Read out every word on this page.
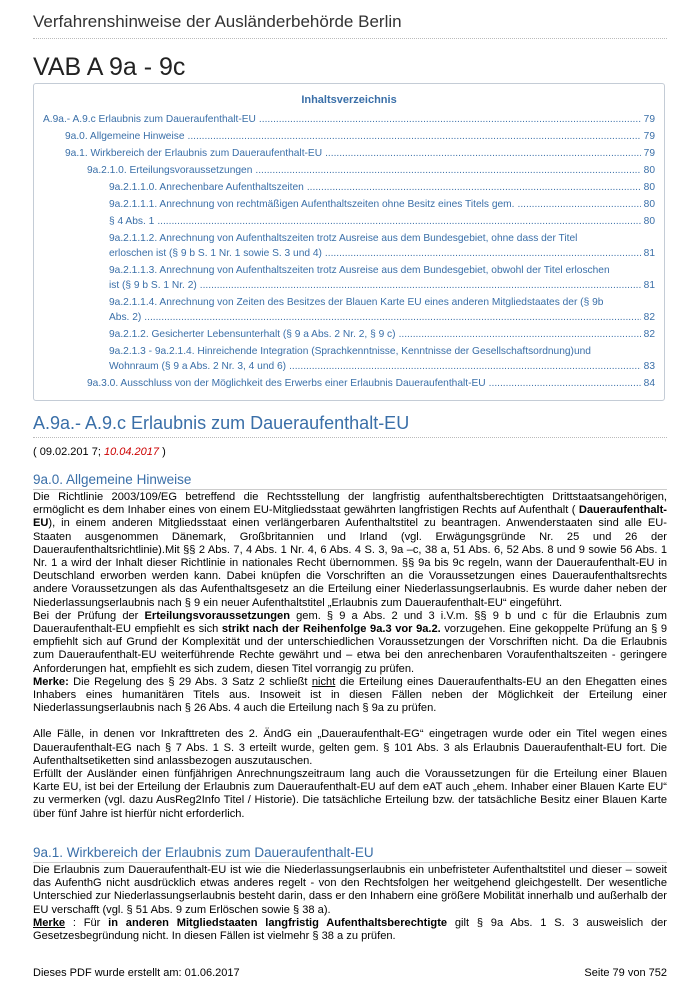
Verfahrenshinweise der Ausländerbehörde Berlin
VAB A 9a - 9c
Inhaltsverzeichnis
A.9a.- A.9.c Erlaubnis zum Daueraufenthalt-EU .....	79
9a.0. Allgemeine Hinweise .....	79
9a.1. Wirkbereich der Erlaubnis zum Daueraufenthalt-EU .....	79
9a.2.1.0. Erteilungsvoraussetzungen .....	80
9a.2.1.1.0. Anrechenbare Aufenthaltszeiten .....	80
9a.2.1.1.1. Anrechnung von rechtmäßigen Aufenthaltszeiten ohne Besitz eines Titels gem. .....	80
§ 4 Abs. 1 .....	80
9a.2.1.1.2. Anrechnung von Aufenthaltszeiten trotz Ausreise aus dem Bundesgebiet, ohne dass der Titel
erloschen ist (§ 9 b S. 1 Nr. 1 sowie S. 3 und 4) .....	81
9a.2.1.1.3. Anrechnung von Aufenthaltszeiten trotz Ausreise aus dem Bundesgebiet, obwohl der Titel erloschen
ist (§ 9 b S. 1 Nr. 2) .....	81
9a.2.1.1.4. Anrechnung von Zeiten des Besitzes der Blauen Karte EU eines anderen Mitgliedstaates der (§ 9b
Abs. 2) .....	82
9a.2.1.2. Gesicherter Lebensunterhalt (§ 9 a Abs. 2 Nr. 2, § 9 c) .....	82
9a.2.1.3 - 9a.2.1.4. Hinreichende Integration (Sprachkenntnisse, Kenntnisse der Gesellschaftsordnung)und
Wohnraum (§ 9 a Abs. 2 Nr. 3, 4 und 6) .....	83
9a.3.0. Ausschluss von der Möglichkeit des Erwerbs einer Erlaubnis Daueraufenthalt-EU .....	84
A.9a.- A.9.c Erlaubnis zum Daueraufenthalt-EU
( 09.02.201 7; 10.04.2017 )
9a.0. Allgemeine Hinweise

Die Richtlinie 2003/109/EG betreffend die Rechtsstellung der langfristig aufenthaltsberechtigten Drittstaatsangehörigen, ermöglicht es dem Inhaber eines von einem EU-Mitgliedsstaat gewährten langfristigen Rechts auf Aufenthalt ( Daueraufenthalt-EU), in einem anderen Mitgliedsstaat einen verlängerbaren Aufenthaltstitel zu beantragen. Anwenderstaaten sind alle EU- Staaten ausgenommen Dänemark, Großbritannien und Irland (vgl. Erwägungsgründe Nr. 25 und 26 der Daueraufenthaltsrichtlinie).Mit §§ 2 Abs. 7, 4 Abs. 1 Nr. 4, 6 Abs. 4 S. 3, 9a –c, 38 a, 51 Abs. 6, 52 Abs. 8 und 9 sowie 56 Abs. 1 Nr. 1 a wird der Inhalt dieser Richtlinie in nationales Recht übernommen. §§ 9a bis 9c regeln, wann der Daueraufenthalt-EU in Deutschland erworben werden kann. Dabei knüpfen die Vorschriften an die Voraussetzungen eines Daueraufenthaltsrechts andere Voraussetzungen als das Aufenthaltsgesetz an die Erteilung einer Niederlassungserlaubnis. Es wurde daher neben der Niederlassungserlaubnis nach § 9 ein neuer Aufenthaltstitel „Erlaubnis zum Daueraufenthalt-EU“ eingeführt.

Bei der Prüfung der Erteilungsvoraussetzungen gem. § 9 a Abs. 2 und 3 i.V.m. §§ 9 b und c für die Erlaubnis zum Daueraufenthalt-EU empfiehlt es sich strikt nach der Reihenfolge 9a.3 vor 9a.2. vorzugehen. Eine gekoppelte Prüfung an § 9 empfiehlt sich auf Grund der Komplexität und der unterschiedlichen Voraussetzungen der Vorschriften nicht. Da die Erlaubnis zum Daueraufenthalt-EU weiterführende Rechte gewährt und – etwa bei den anrechenbaren Voraufenthaltszeiten - geringere Anforderungen hat, empfiehlt es sich zudem, diesen Titel vorrangig zu prüfen.

Merke: Die Regelung des § 29 Abs. 3 Satz 2 schließt nicht die Erteilung eines Daueraufenthalts-EU an den Ehegatten eines Inhabers eines humanitären Titels aus. Insoweit ist in diesen Fällen neben der Möglichkeit der Erteilung einer Niederlassungserlaubnis nach § 26 Abs. 4 auch die Erteilung nach § 9a zu prüfen.

Alle Fälle, in denen vor Inkrafttreten des 2. ÄndG ein „Daueraufenthalt-EG“ eingetragen wurde oder ein Titel wegen eines Daueraufenthalt-EG nach § 7 Abs. 1 S. 3 erteilt wurde, gelten gem. § 101 Abs. 3 als Erlaubnis Daueraufenthalt-EU fort. Die Aufenthaltsetiketten sind anlassbezogen auszutauschen.

Erfüllt der Ausländer einen fünfjährigen Anrechnungszeitraum lang auch die Voraussetzungen für die Erteilung einer Blauen Karte EU, ist bei der Erteilung der Erlaubnis zum Daueraufenthalt-EU auf dem eAT auch „ehem. Inhaber einer Blauen Karte EU“ zu vermerken (vgl. dazu AusReg2Info Titel / Historie). Die tatsächliche Erteilung bzw. der tatsächliche Besitz einer Blauen Karte über fünf Jahre ist hierfür nicht erforderlich.

9a.1. Wirkbereich der Erlaubnis zum Daueraufenthalt-EU

Die Erlaubnis zum Daueraufenthalt-EU ist wie die Niederlassungserlaubnis ein unbefristeter Aufenthaltstitel und dieser – soweit das AufenthG nicht ausdrücklich etwas anderes regelt - von den Rechtsfolgen her weitgehend gleichgestellt. Der wesentliche Unterschied zur Niederlassungserlaubnis besteht darin, dass er den Inhabern eine größere Mobilität innerhalb und außerhalb der EU verschafft (vgl. § 51 Abs. 9 zum Erlöschen sowie § 38 a).

Merke : Für in anderen Mitgliedstaaten langfristig Aufenthaltsberechtigte gilt § 9a Abs. 1 S. 3 ausweislich der Gesetzesbegründung nicht. In diesen Fällen ist vielmehr § 38 a zu prüfen.

Dieses PDF wurde erstellt am: 01.06.2017	Seite 79 von 752
